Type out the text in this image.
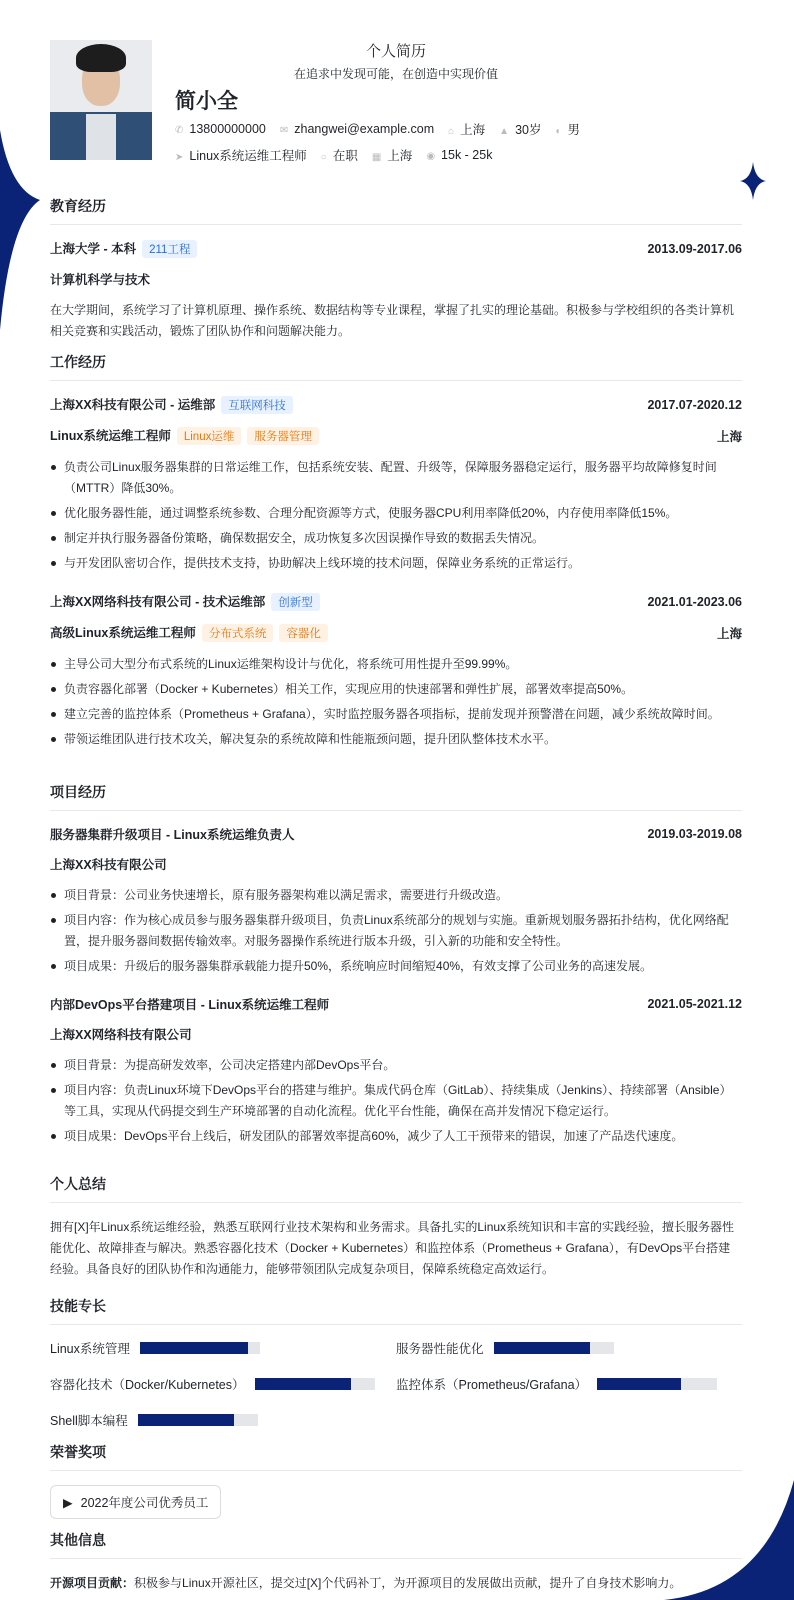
个人简历
在追求中发现可能，在创造中实现价值
简小全
✆ 13800000000 ✉ zhangwei@example.com ⌂ 上海 ▲ 30岁 ◐ 男
➤ Linux系统运维工程师 ○ 在职 ▦ 上海 ◉ 15k - 25k
教育经历
上海大学 - 本科 211工程	2013.09-2017.06
计算机科学与技术

在大学期间，系统学习了计算机原理、操作系统、数据结构等专业课程，掌握了扎实的理论基础。积极参与学校组织的各类计算机相关竞赛和实践活动，锻炼了团队协作和问题解决能力。

工作经历
上海XX科技有限公司 - 运维部 互联网科技	2017.07-2020.12
Linux系统运维工程师 Linux运维 服务器管理	上海
负责公司Linux服务器集群的日常运维工作，包括系统安装、配置、升级等，保障服务器稳定运行，服务器平均故障修复时间（MTTR）降低30%。
优化服务器性能，通过调整系统参数、合理分配资源等方式，使服务器CPU利用率降低20%，内存使用率降低15%。
制定并执行服务器备份策略，确保数据安全，成功恢复多次因误操作导致的数据丢失情况。
与开发团队密切合作，提供技术支持，协助解决上线环境的技术问题，保障业务系统的正常运行。
上海XX网络科技有限公司 - 技术运维部 创新型	2021.01-2023.06
高级Linux系统运维工程师 分布式系统 容器化	上海
主导公司大型分布式系统的Linux运维架构设计与优化，将系统可用性提升至99.99%。
负责容器化部署（Docker + Kubernetes）相关工作，实现应用的快速部署和弹性扩展，部署效率提高50%。
建立完善的监控体系（Prometheus + Grafana），实时监控服务器各项指标，提前发现并预警潜在问题，减少系统故障时间。
带领运维团队进行技术攻关，解决复杂的系统故障和性能瓶颈问题，提升团队整体技术水平。
项目经历
服务器集群升级项目 - Linux系统运维负责人	2019.03-2019.08
上海XX科技有限公司
项目背景：公司业务快速增长，原有服务器架构难以满足需求，需要进行升级改造。
项目内容：作为核心成员参与服务器集群升级项目，负责Linux系统部分的规划与实施。重新规划服务器拓扑结构，优化网络配置，提升服务器间数据传输效率。对服务器操作系统进行版本升级，引入新的功能和安全特性。
项目成果：升级后的服务器集群承载能力提升50%，系统响应时间缩短40%，有效支撑了公司业务的高速发展。
内部DevOps平台搭建项目 - Linux系统运维工程师	2021.05-2021.12
上海XX网络科技有限公司
项目背景：为提高研发效率，公司决定搭建内部DevOps平台。
项目内容：负责Linux环境下DevOps平台的搭建与维护。集成代码仓库（GitLab）、持续集成（Jenkins）、持续部署（Ansible）等工具，实现从代码提交到生产环境部署的自动化流程。优化平台性能，确保在高并发情况下稳定运行。
项目成果：DevOps平台上线后，研发团队的部署效率提高60%，减少了人工干预带来的错误，加速了产品迭代速度。
个人总结

拥有[X]年Linux系统运维经验，熟悉互联网行业技术架构和业务需求。具备扎实的Linux系统知识和丰富的实践经验，擅长服务器性能优化、故障排查与解决。熟悉容器化技术（Docker + Kubernetes）和监控体系（Prometheus + Grafana），有DevOps平台搭建经验。具备良好的团队协作和沟通能力，能够带领团队完成复杂项目，保障系统稳定高效运行。

技能专长
Linux系统管理	服务器性能优化
容器化技术（Docker/Kubernetes）	监控体系（Prometheus/Grafana）
Shell脚本编程
荣誉奖项
▶ 2022年度公司优秀员工
其他信息

开源项目贡献：积极参与Linux开源社区，提交过[X]个代码补丁，为开源项目的发展做出贡献，提升了自身技术影响力。
